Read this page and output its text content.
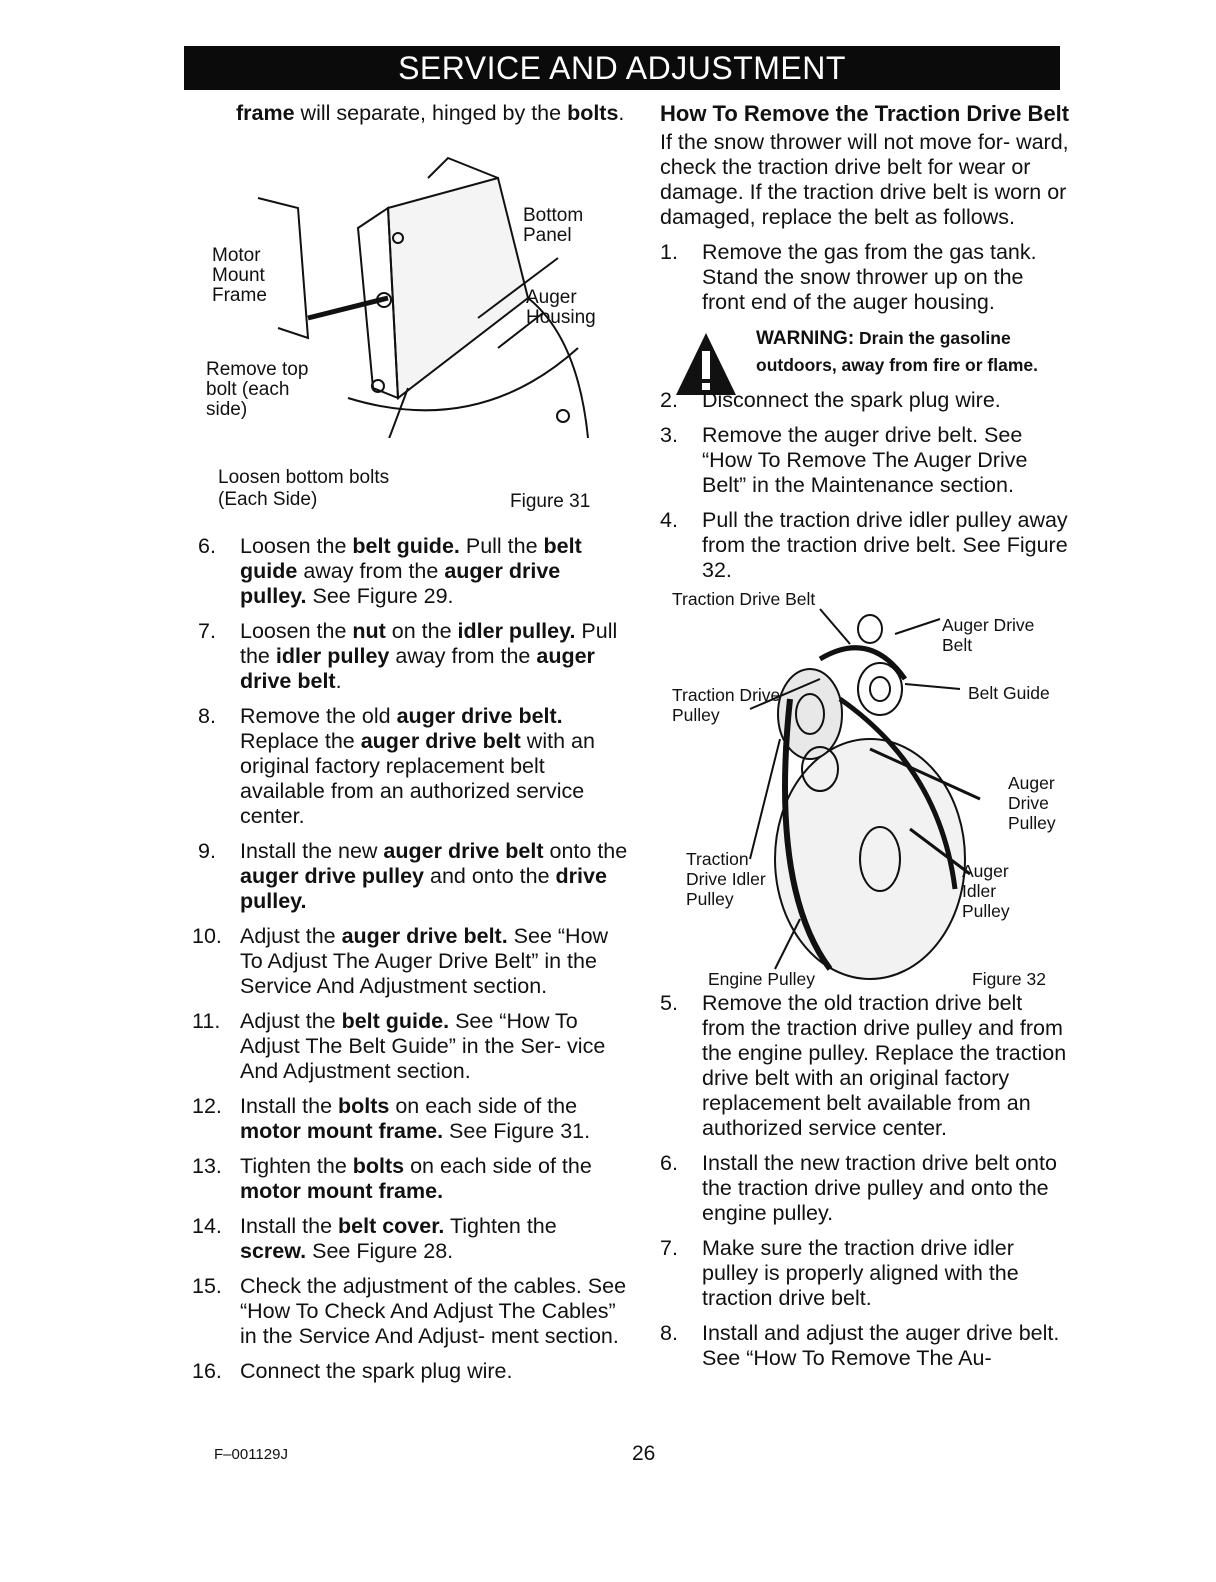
SERVICE AND ADJUSTMENT

frame will separate, hinged by the bolts.

Bottom Panel
Motor Mount Frame	Auger Housing
Remove top bolt (each side)
Loosen bottom bolts
(Each Side)	Figure 31
6. Loosen the belt guide. Pull the belt guide away from the auger drive pulley. See Figure 29.
7. Loosen the nut on the idler pulley. Pull the idler pulley away from the auger drive belt.
8. Remove the old auger drive belt. Replace the auger drive belt with an original factory replacement belt available from an authorized service center.
9. Install the new auger drive belt onto the auger drive pulley and onto the drive pulley.
10. Adjust the auger drive belt. See “How To Adjust The Auger Drive Belt” in the Service And Adjustment section.
11. Adjust the belt guide. See “How To Adjust The Belt Guide” in the Ser- vice And Adjustment section.
12. Install the bolts on each side of the motor mount frame. See Figure 31.
13. Tighten the bolts on each side of the motor mount frame.
14. Install the belt cover. Tighten the screw. See Figure 28.
15. Check the adjustment of the cables. See “How To Check And Adjust The Cables” in the Service And Adjust- ment section.
16. Connect the spark plug wire.

How To Remove the Traction Drive Belt

If the snow thrower will not move for- ward, check the traction drive belt for wear or damage. If the traction drive belt is worn or damaged, replace the belt as follows.

1. Remove the gas from the gas tank. Stand the snow thrower up on the front end of the auger housing.
WARNING: Drain the gasoline outdoors, away from fire or flame.
2. Disconnect the spark plug wire.
3. Remove the auger drive belt. See “How To Remove The Auger Drive Belt” in the Maintenance section.
4. Pull the traction drive idler pulley away from the traction drive belt. See Figure 32.
Traction Drive Belt
Auger Drive Belt
Traction Drive Pulley
Belt Guide
Auger Drive Pulley
Traction Drive Idler Pulley
Auger Idler Pulley
Engine Pulley	Figure 32
5. Remove the old traction drive belt from the traction drive pulley and from the engine pulley. Replace the traction drive belt with an original factory replacement belt available from an authorized service center.
6. Install the new traction drive belt onto the traction drive pulley and onto the engine pulley.
7. Make sure the traction drive idler pulley is properly aligned with the traction drive belt.
8. Install and adjust the auger drive belt. See “How To Remove The Au-
F–001129J	26
